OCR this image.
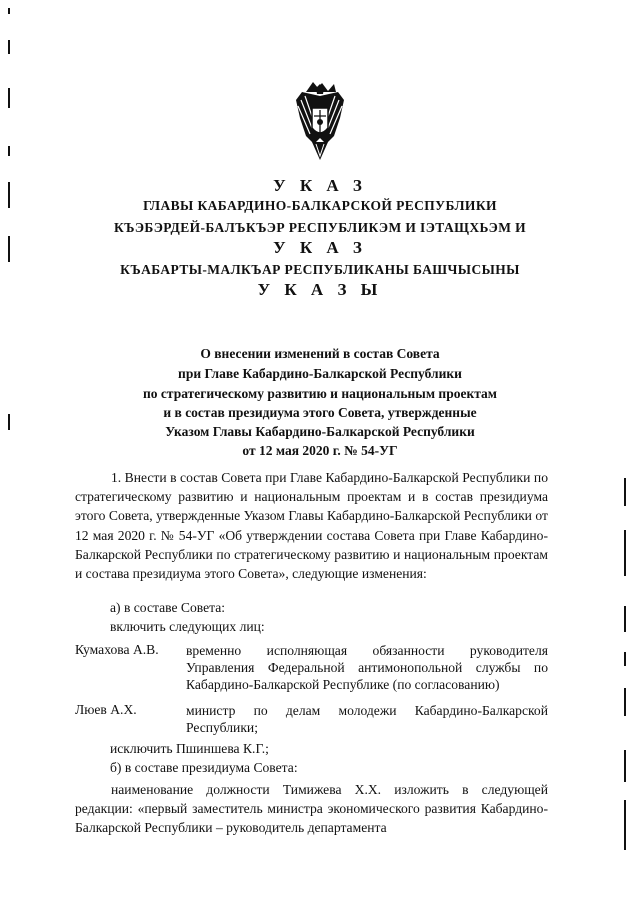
У К А З
ГЛАВЫ КАБАРДИНО-БАЛКАРСКОЙ РЕСПУБЛИКИ
КЪЭБЭРДЕЙ-БАЛЪКЪЭР РЕСПУБЛИКЭМ И ІЭТАЩХЬЭМ И
У К А З
КЪАБАРТЫ-МАЛКЪАР РЕСПУБЛИКАНЫ БАШЧЫСЫНЫ
У К А З Ы
О внесении изменений в состав Совета
при Главе Кабардино-Балкарской Республики
по стратегическому развитию и национальным проектам
и в состав президиума этого Совета, утвержденные
Указом Главы Кабардино-Балкарской Республики
от 12 мая 2020 г. № 54-УГ
1. Внести в состав Совета при Главе Кабардино-Балкарской Республики по стратегическому развитию и национальным проектам и в состав президиума этого Совета, утвержденные Указом Главы Кабардино-Балкарской Республики от 12 мая 2020 г. № 54-УГ «Об утверждении состава Совета при Главе Кабардино-Балкарской Республики по стратегическому развитию и национальным проектам и состава президиума этого Совета», следующие изменения:
а) в составе Совета:
включить следующих лиц:
Кумахова А.В. временно исполняющая обязанности руководителя Управления Федеральной антимонопольной службы по Кабардино-Балкарской Республике (по согласованию)
Люев А.Х.	министр по делам молодежи Кабардино-Балкарской Республики;
исключить Пшиншева К.Г.;
б) в составе президиума Совета:
наименование должности Тимижева Х.Х. изложить в следующей редакции: «первый заместитель министра экономического развития Кабардино-Балкарской Республики – руководитель департамента
